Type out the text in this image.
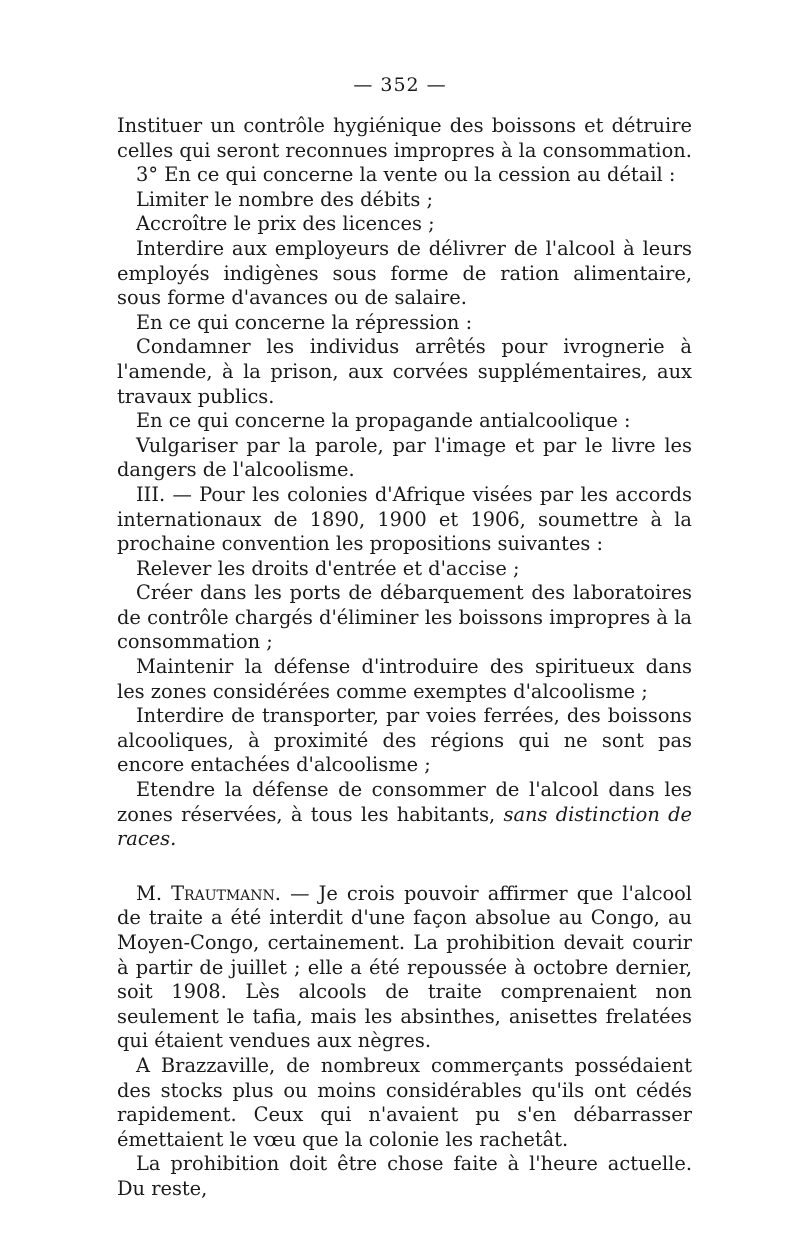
— 352 —

Instituer un contrôle hygiénique des boissons et détruire celles qui seront reconnues impropres à la consommation.

3° En ce qui concerne la vente ou la cession au détail :

Limiter le nombre des débits ;

Accroître le prix des licences ;

Interdire aux employeurs de délivrer de l'alcool à leurs employés indigènes sous forme de ration alimentaire, sous forme d'avances ou de salaire.

En ce qui concerne la répression :

Condamner les individus arrêtés pour ivrognerie à l'amende, à la prison, aux corvées supplémentaires, aux travaux publics.

En ce qui concerne la propagande antialcoolique :

Vulgariser par la parole, par l'image et par le livre les dangers de l'alcoolisme.

III. — Pour les colonies d'Afrique visées par les accords internationaux de 1890, 1900 et 1906, soumettre à la prochaine convention les propositions suivantes :

Relever les droits d'entrée et d'accise ;

Créer dans les ports de débarquement des laboratoires de contrôle chargés d'éliminer les boissons impropres à la consommation ;

Maintenir la défense d'introduire des spiritueux dans les zones considérées comme exemptes d'alcoolisme ;

Interdire de transporter, par voies ferrées, des boissons alcooliques, à proximité des régions qui ne sont pas encore entachées d'alcoolisme ;

Etendre la défense de consommer de l'alcool dans les zones réservées, à tous les habitants, sans distinction de races.

M. Trautmann. — Je crois pouvoir affirmer que l'alcool de traite a été interdit d'une façon absolue au Congo, au Moyen-Congo, certainement. La prohibition devait courir à partir de juillet ; elle a été repoussée à octobre dernier, soit 1908. Lès alcools de traite comprenaient non seulement le tafia, mais les absinthes, anisettes frelatées qui étaient vendues aux nègres.

A Brazzaville, de nombreux commerçants possédaient des stocks plus ou moins considérables qu'ils ont cédés rapidement. Ceux qui n'avaient pu s'en débarrasser émettaient le vœu que la colonie les rachetât.

La prohibition doit être chose faite à l'heure actuelle. Du reste,
